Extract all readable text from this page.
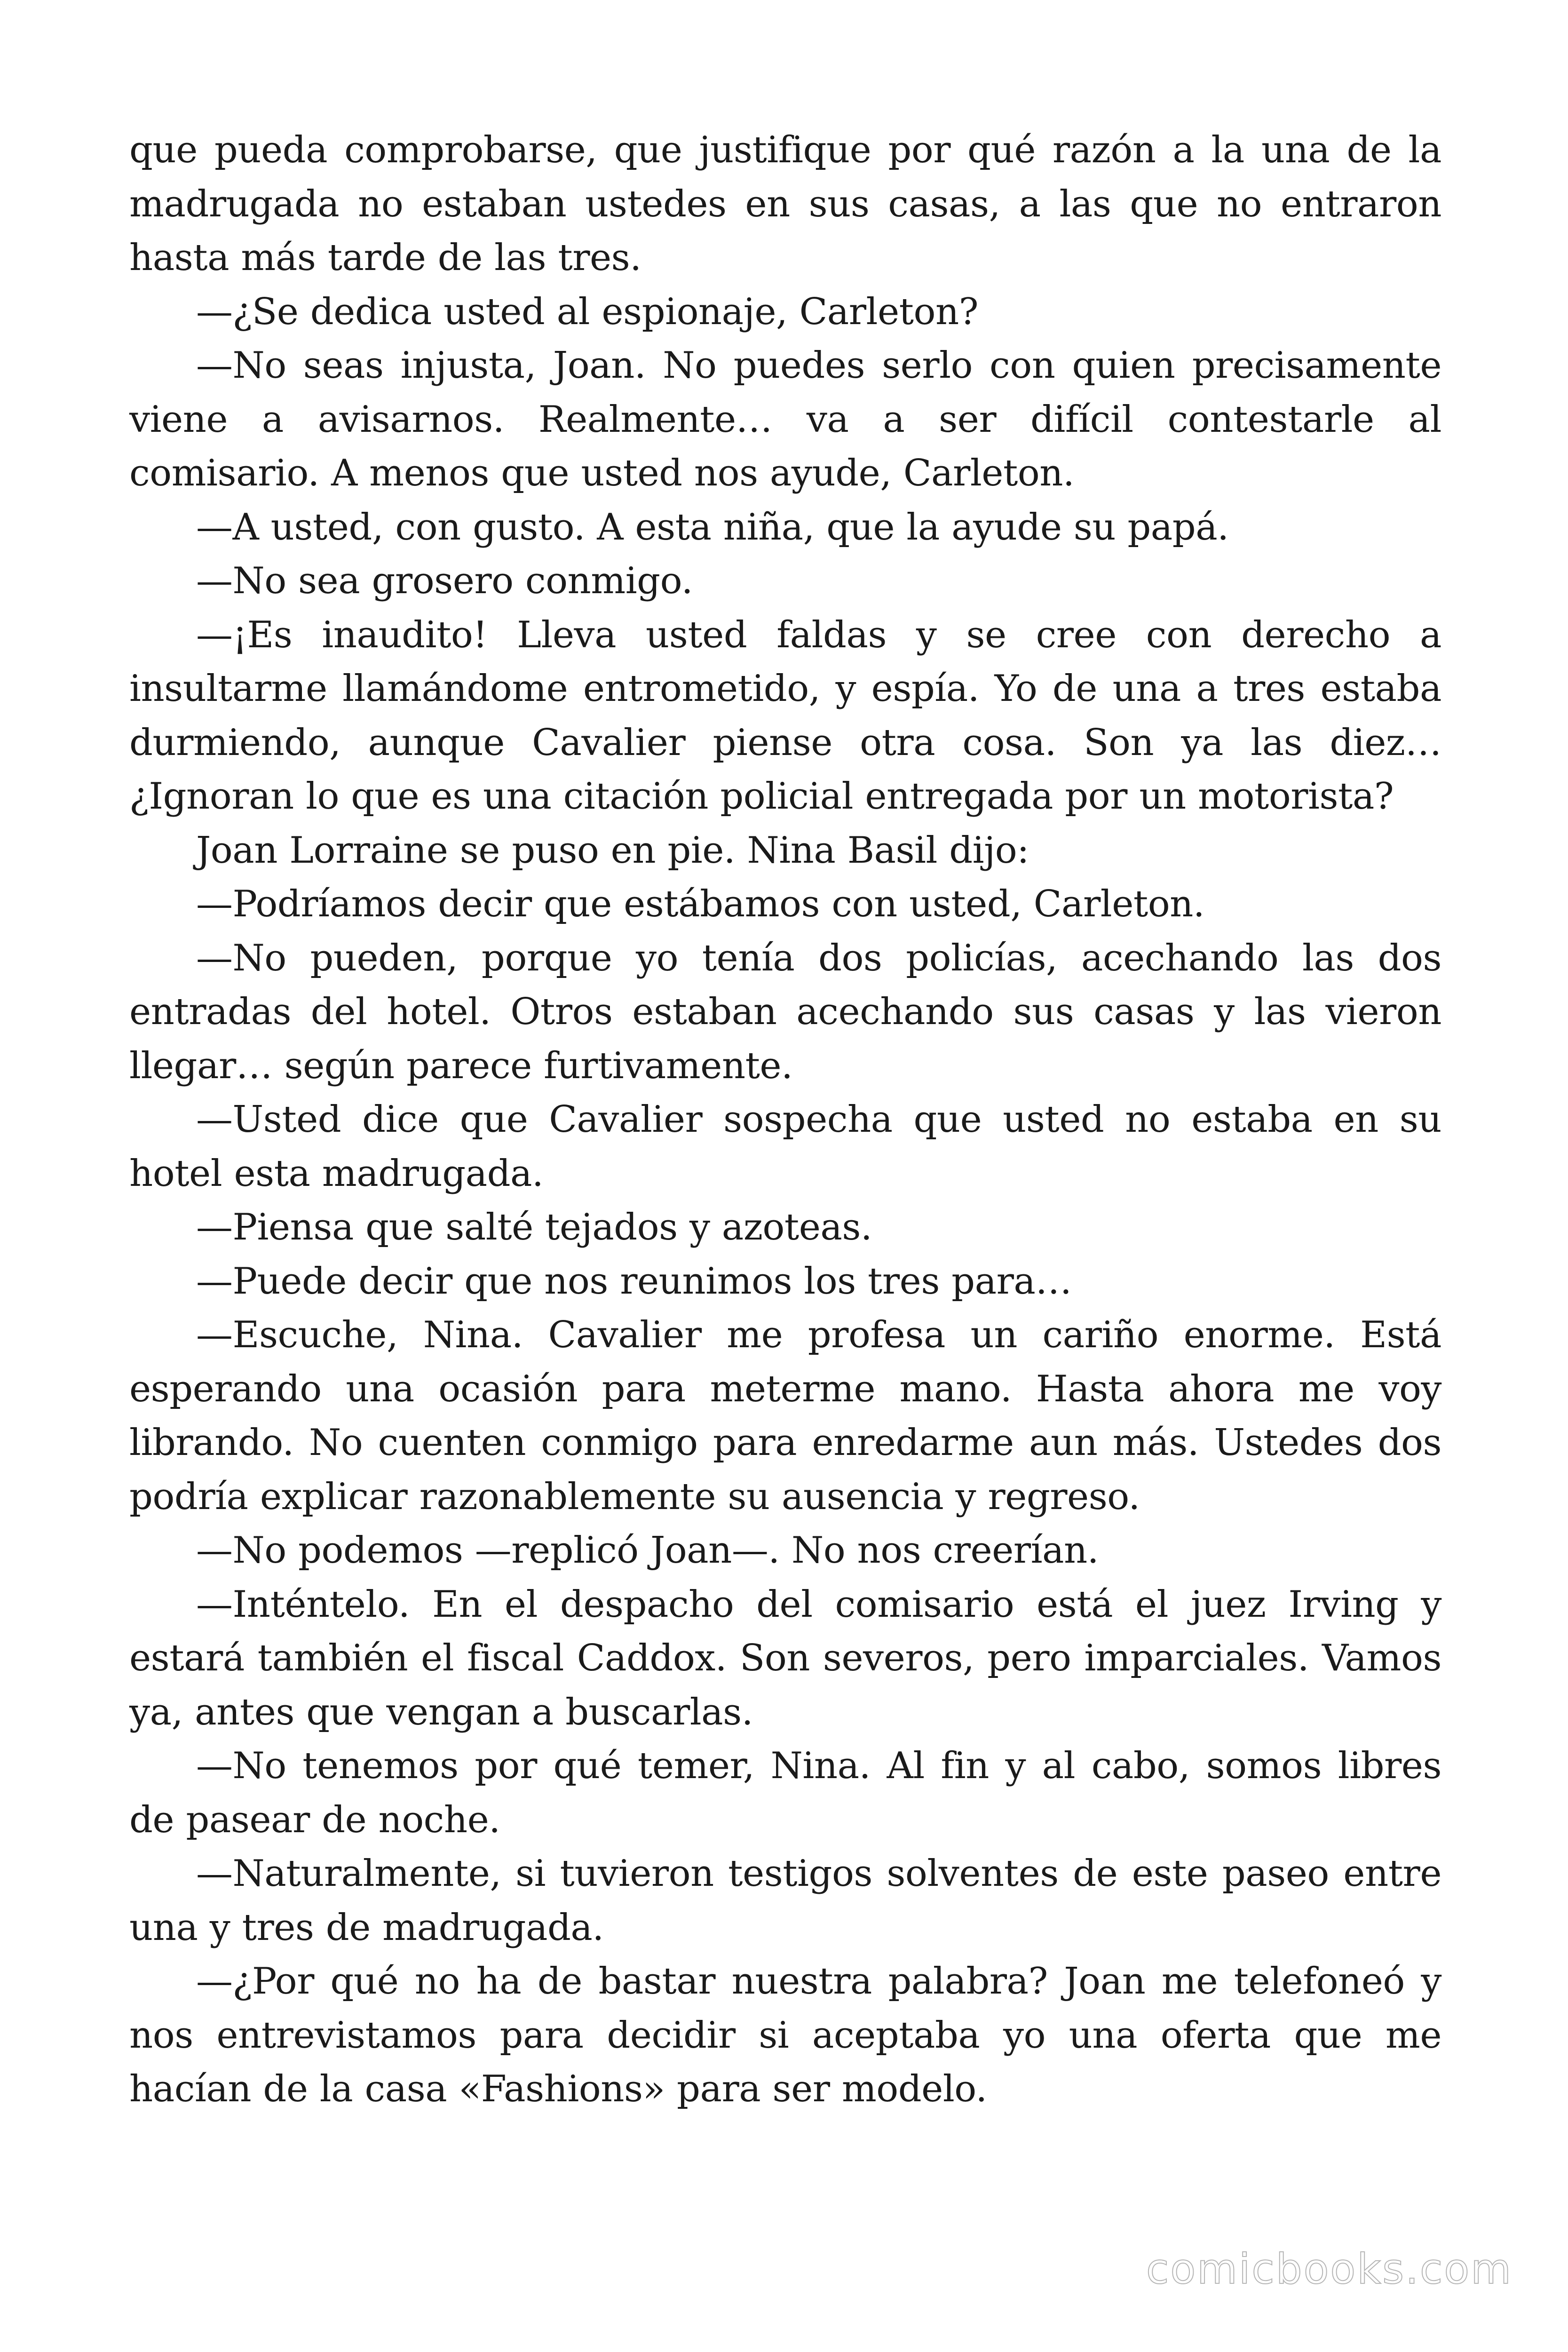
que pueda comprobarse, que justifique por qué razón a la una de la madrugada no estaban ustedes en sus casas, a las que no entraron hasta más tarde de las tres.

—¿Se dedica usted al espionaje, Carleton?

—No seas injusta, Joan. No puedes serlo con quien precisamente viene a avisarnos. Realmente… va a ser difícil contestarle al comisario. A menos que usted nos ayude, Carleton.

—A usted, con gusto. A esta niña, que la ayude su papá.

—No sea grosero conmigo.

—¡Es inaudito! Lleva usted faldas y se cree con derecho a insultarme llamándome entrometido, y espía. Yo de una a tres estaba durmiendo, aunque Cavalier piense otra cosa. Son ya las diez… ¿Ignoran lo que es una citación policial entregada por un motorista?

Joan Lorraine se puso en pie. Nina Basil dijo:

—Podríamos decir que estábamos con usted, Carleton.

—No pueden, porque yo tenía dos policías, acechando las dos entradas del hotel. Otros estaban acechando sus casas y las vieron llegar… según parece furtivamente.

—Usted dice que Cavalier sospecha que usted no estaba en su hotel esta madrugada.

—Piensa que salté tejados y azoteas.

—Puede decir que nos reunimos los tres para…

—Escuche, Nina. Cavalier me profesa un cariño enorme. Está esperando una ocasión para meterme mano. Hasta ahora me voy librando. No cuenten conmigo para enredarme aun más. Ustedes dos podría explicar razonablemente su ausencia y regreso.

—No podemos —replicó Joan—. No nos creerían.

—Inténtelo. En el despacho del comisario está el juez Irving y estará también el fiscal Caddox. Son severos, pero imparciales. Vamos ya, antes que vengan a buscarlas.

—No tenemos por qué temer, Nina. Al fin y al cabo, somos libres de pasear de noche.

—Naturalmente, si tuvieron testigos solventes de este paseo entre una y tres de madrugada.

—¿Por qué no ha de bastar nuestra palabra? Joan me telefoneó y nos entrevistamos para decidir si aceptaba yo una oferta que me hacían de la casa «Fashions» para ser modelo.

comicbooks.com
